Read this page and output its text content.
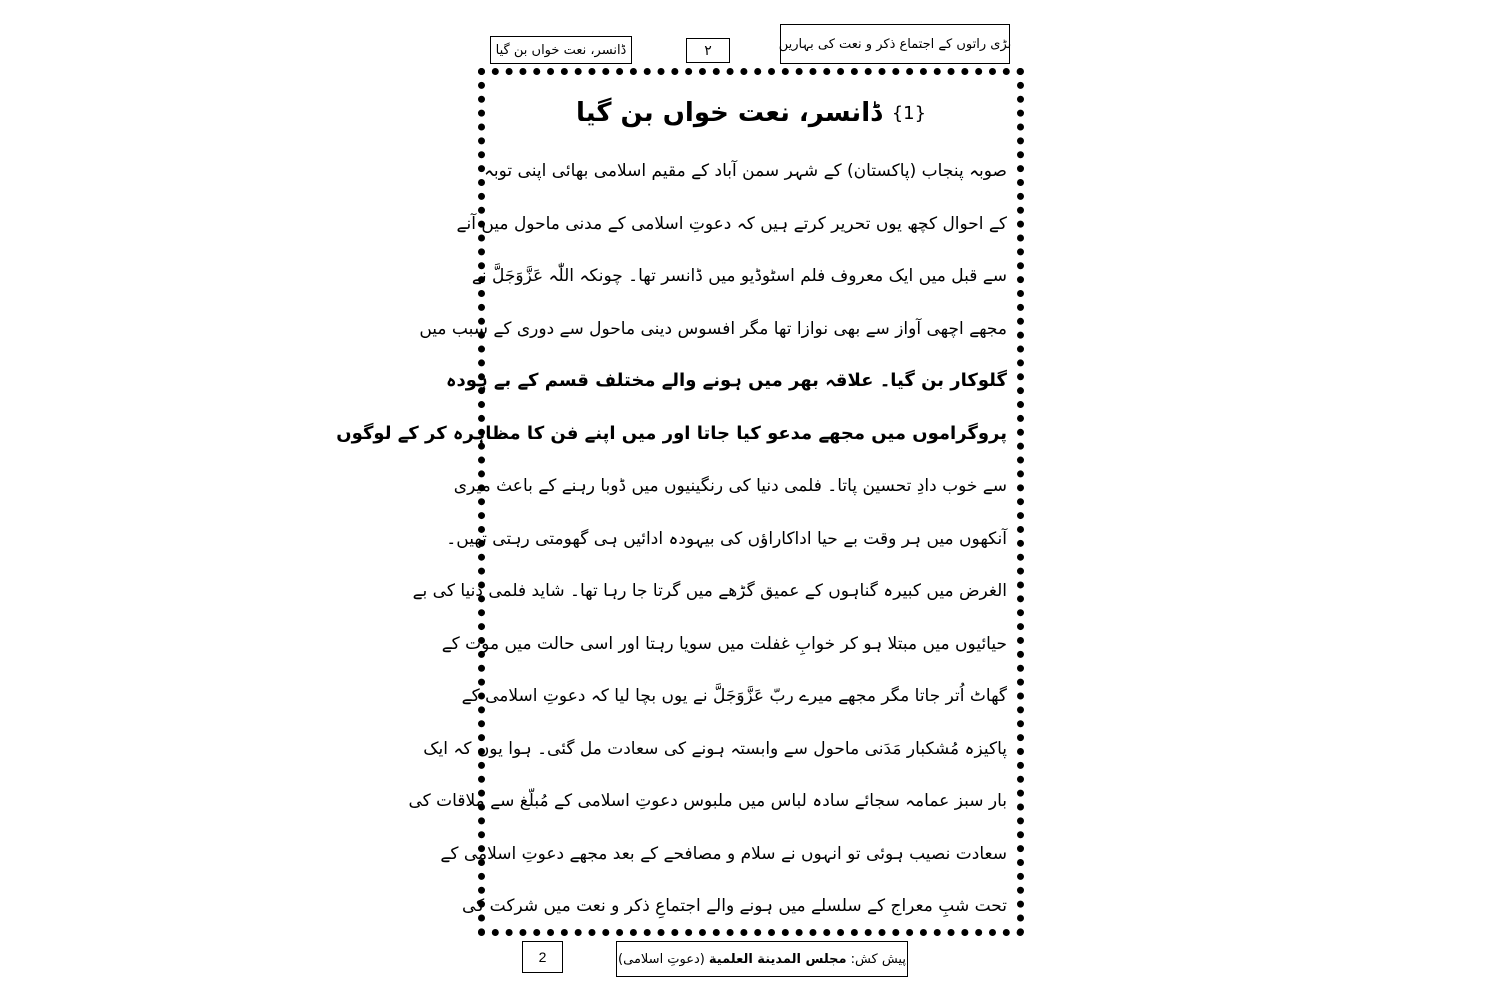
ڈانسر، نعت خواں بن گیا	٢	بڑی راتوں کے اجتماع ذکر و نعت کی بہاریں
{1}
ڈانسر، نعت خواں بن گیا
صوبہ پنجاب (پاکستان) کے شہر سمن آباد کے مقیم اسلامی بھائی اپنی توبہ
کے احوال کچھ یوں تحریر کرتے ہیں کہ دعوتِ اسلامی کے مدنی ماحول میں آنے
سے قبل میں ایک معروف فلم اسٹوڈیو میں ڈانسر تھا۔ چونکہ اللّٰہ عَزَّوَجَلَّ نے
مجھے اچھی آواز سے بھی نوازا تھا مگر افسوس دینی ماحول سے دوری کے سبب میں
گلوکار بن گیا۔ علاقہ بھر میں ہونے والے مختلف قسم کے بے ہودہ
پروگراموں میں مجھے مدعو کیا جاتا اور میں اپنے فن کا مظاہرہ کر کے لوگوں
سے خوب دادِ تحسین پاتا۔ فلمی دنیا کی رنگینیوں میں ڈوبا رہنے کے باعث میری
آنکھوں میں ہر وقت بے حیا اداکاراؤں کی بیہودہ ادائیں ہی گھومتی رہتی تھیں۔
الغرض میں کبیرہ گناہوں کے عمیق گڑھے میں گرتا جا رہا تھا۔ شاید فلمی دنیا کی بے
حیائیوں میں مبتلا ہو کر خوابِ غفلت میں سویا رہتا اور اسی حالت میں موت کے
گھاٹ اُتر جاتا مگر مجھے میرے ربّ عَزَّوَجَلَّ نے یوں بچا لیا کہ دعوتِ اسلامی کے
پاکیزہ مُشکبار مَدَنی ماحول سے وابستہ ہونے کی سعادت مل گئی۔ ہوا یوں کہ ایک
بار سبز عمامہ سجائے سادہ لباس میں ملبوس دعوتِ اسلامی کے مُبلّغ سے ملاقات کی
سعادت نصیب ہوئی تو انہوں نے سلام و مصافحے کے بعد مجھے دعوتِ اسلامی کے
تحت شبِ معراج کے سلسلے میں ہونے والے اجتماعِ ذکر و نعت میں شرکت کی
2	پیش کش:
مجلس المدينة العلمية
(دعوتِ اسلامی)
